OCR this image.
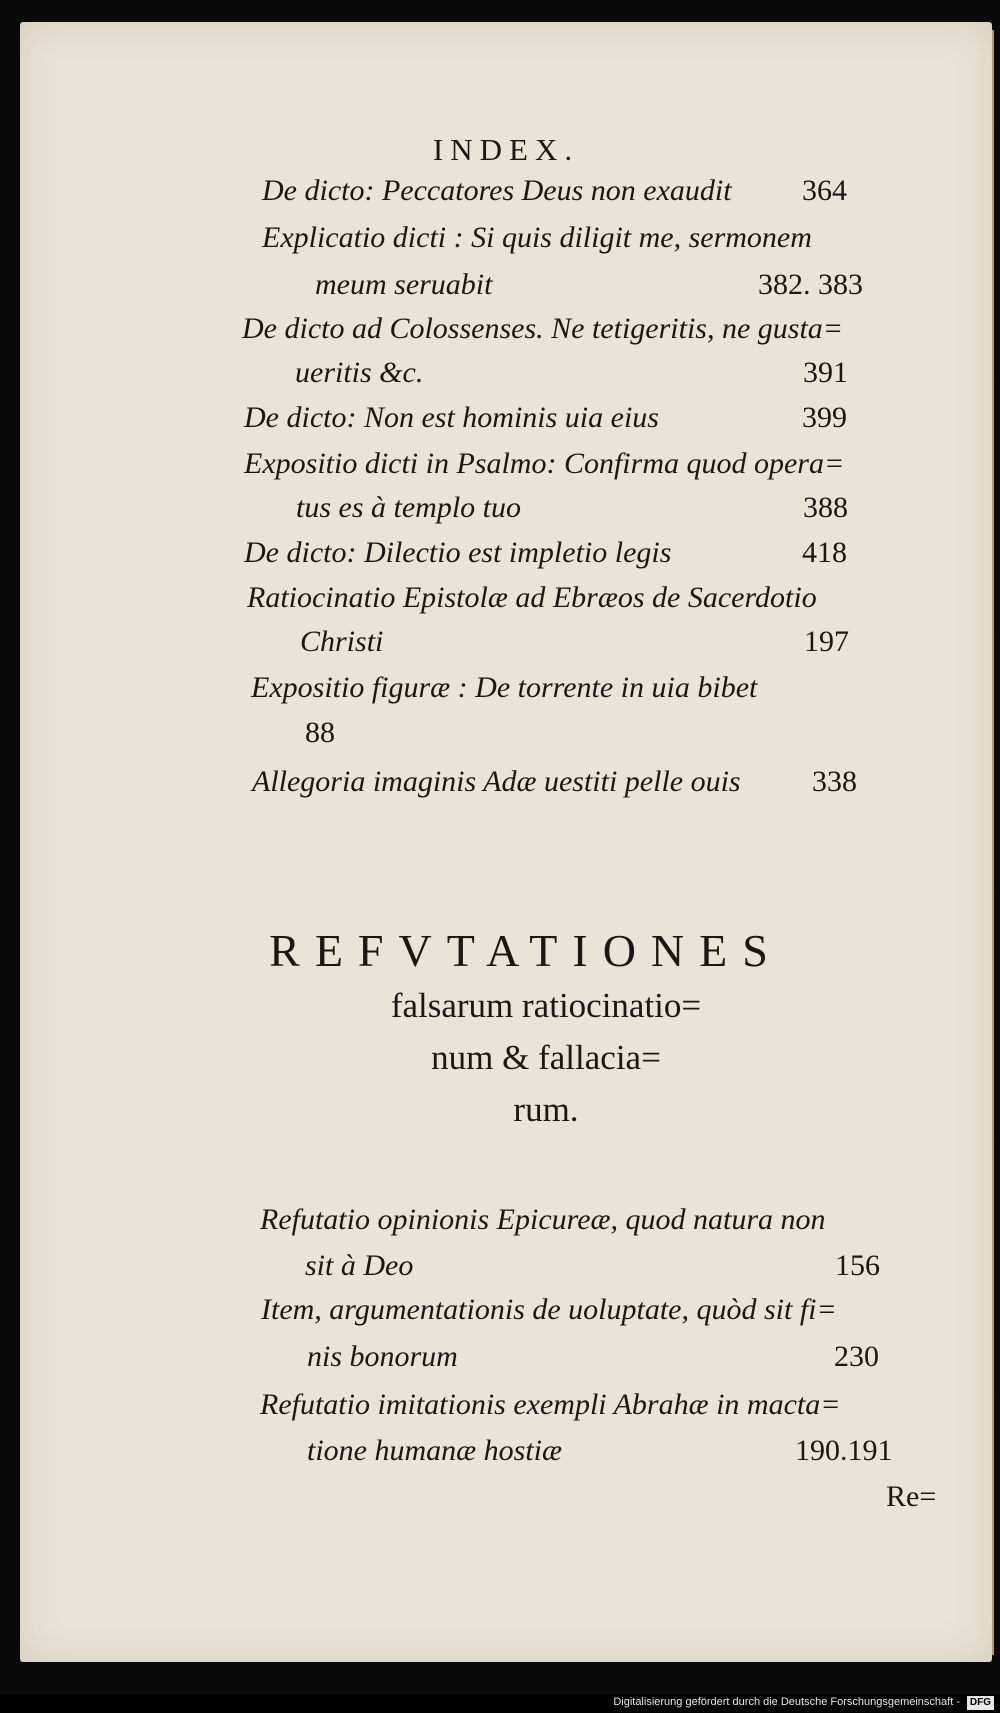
INDEX.
De dicto: Peccatores Deus non exaudit 364
Explicatio dicti : Si quis diligit me, sermonem
meum seruabit	382. 383
De dicto ad Colossenses. Ne tetigeritis, ne gusta=
ueritis &c.	391
De dicto: Non est hominis uia eius	399
Expositio dicti in Psalmo: Confirma quod opera=
tus es à templo tuo	388
De dicto: Dilectio est impletio legis	418
Ratiocinatio Epistolæ ad Ebræos de Sacerdotio
Christi	197
Expositio figuræ : De torrente in uia bibet
88
Allegoria imaginis Adæ uestiti pelle ouis 338
REFVTATIONES
falsarum ratiocinatio=
num & fallacia=
rum.
Refutatio opinionis Epicureæ, quod natura non
sit à Deo	156
Item, argumentationis de uoluptate, quòd sit fi=
nis bonorum	230
Refutatio imitationis exempli Abrahæ in macta=
tione humanæ hostiæ	190.191
Re=
Digitalisierung gefördert durch die Deutsche Forschungsgemeinschaft - DFG
